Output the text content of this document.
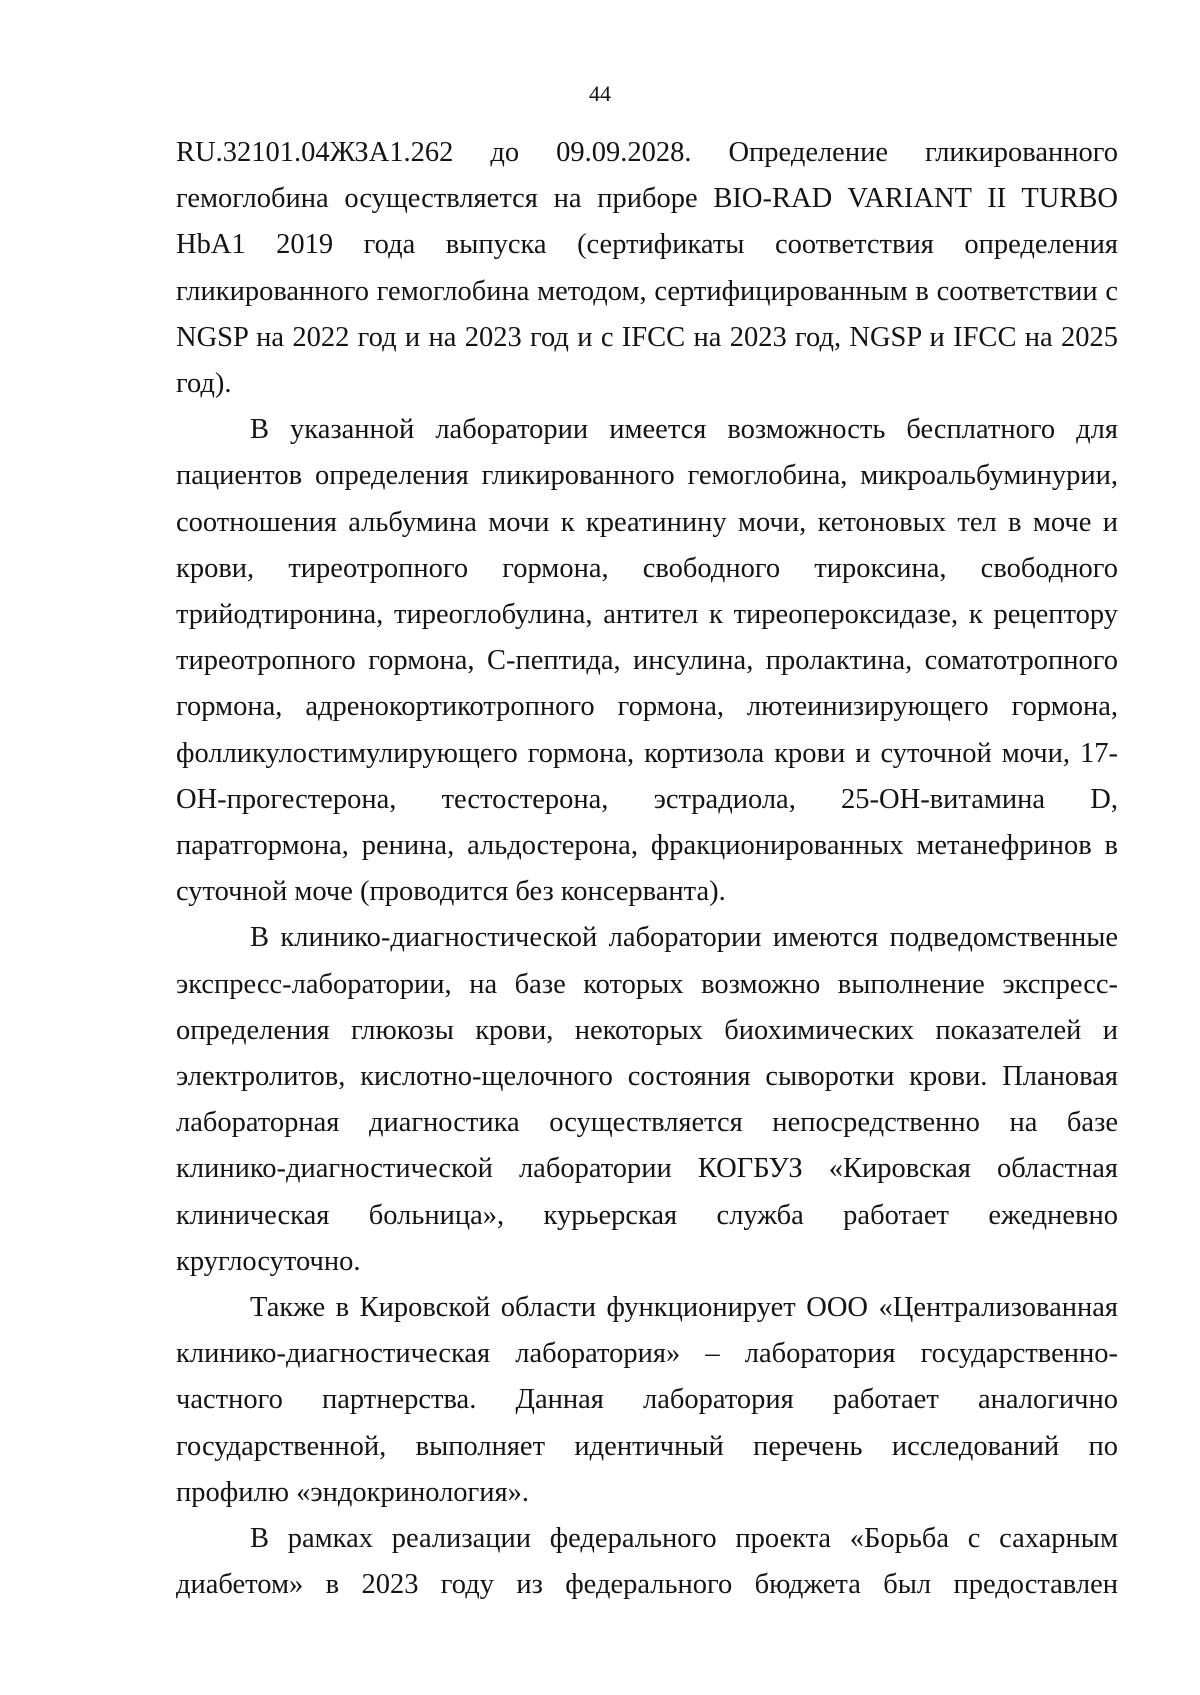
44

RU.32101.04ЖЗА1.262 до 09.09.2028. Определение гликированного гемоглобина осуществляется на приборе BIO-RAD VARIANT II TURBO HbA1 2019 года выпуска (сертификаты соответствия определения гликированного гемоглобина методом, сертифицированным в соответствии с NGSP на 2022 год и на 2023 год и с IFCC на 2023 год, NGSP и IFCC на 2025 год).

В указанной лаборатории имеется возможность бесплатного для пациентов определения гликированного гемоглобина, микроальбуминурии, соотношения альбумина мочи к креатинину мочи, кетоновых тел в моче и крови, тиреотропного гормона, свободного тироксина, свободного трийодтиронина, тиреоглобулина, антител к тиреопероксидазе, к рецептору тиреотропного гормона, С-пептида, инсулина, пролактина, соматотропного гормона, адренокортикотропного гормона, лютеинизирующего гормона, фолликулостимулирующего гормона, кортизола крови и суточной мочи, 17-ОН-прогестерона, тестостерона, эстрадиола, 25-ОН-витамина D, паратгормона, ренина, альдостерона, фракционированных метанефринов в суточной моче (проводится без консерванта).

В клинико-диагностической лаборатории имеются подведомственные экспресс-лаборатории, на базе которых возможно выполнение экспресс-определения глюкозы крови, некоторых биохимических показателей и электролитов, кислотно-щелочного состояния сыворотки крови. Плановая лабораторная диагностика осуществляется непосредственно на базе клинико-диагностической лаборатории КОГБУЗ «Кировская областная клиническая больница», курьерская служба работает ежедневно круглосуточно.

Также в Кировской области функционирует ООО «Централизованная клинико-диагностическая лаборатория» – лаборатория государственно-частного партнерства. Данная лаборатория работает аналогично государственной, выполняет идентичный перечень исследований по профилю «эндокринология».

В рамках реализации федерального проекта «Борьба с сахарным диабетом» в 2023 году из федерального бюджета был предоставлен
